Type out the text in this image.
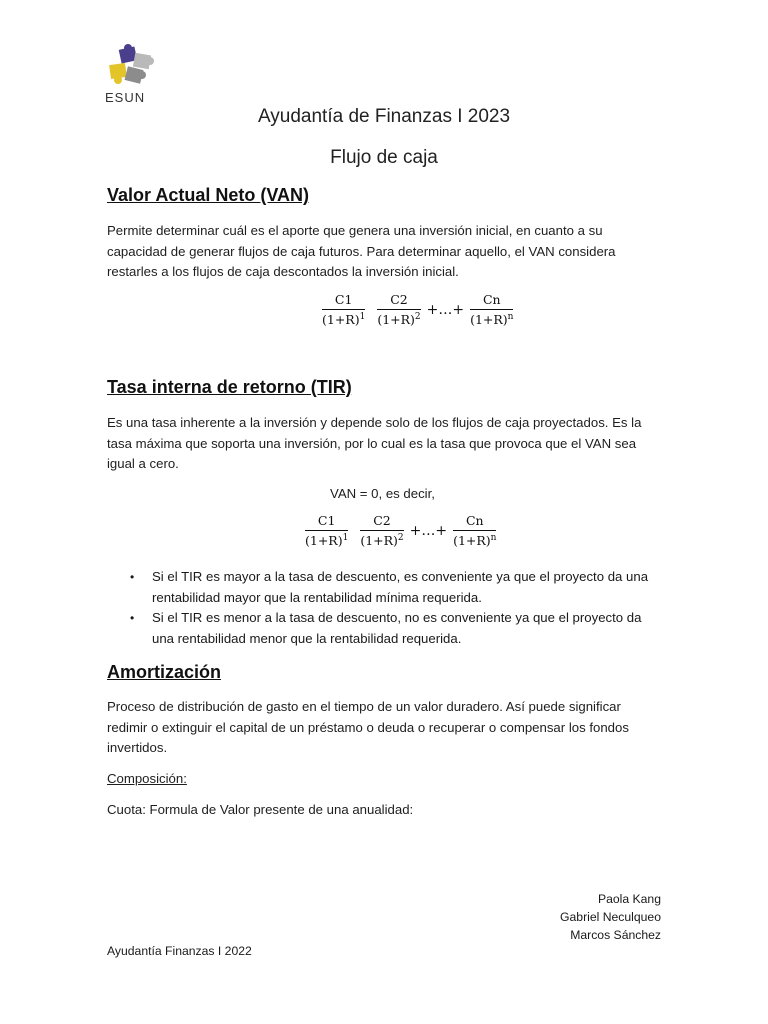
ESUN
Ayudantía de Finanzas I 2023
Flujo de caja
Valor Actual Neto (VAN)
Permite determinar cuál es el aporte que genera una inversión inicial, en cuanto a su
capacidad de generar flujos de caja futuros. Para determinar aquello, el VAN considera
restarles a los flujos de caja descontados la inversión inicial.
$\frac{C1}{(1+R)^1}$
$\frac{C2}{(1+R)^2}$ +…+ $\frac{Cn}{(1+R)^n}$
Tasa interna de retorno (TIR)
Es una tasa inherente a la inversión y depende solo de los flujos de caja proyectados. Es la
tasa máxima que soporta una inversión, por lo cual es la tasa que provoca que el VAN sea
igual a cero.
VAN = 0, es decir,
$\frac{C1}{(1+R)^1}$
$\frac{C2}{(1+R)^2}$ +…+ $\frac{Cn}{(1+R)^n}$
• Si el TIR es mayor a la tasa de descuento, es conveniente ya que el proyecto da una
rentabilidad mayor que la rentabilidad mínima requerida.
• Si el TIR es menor a la tasa de descuento, no es conveniente ya que el proyecto da
una rentabilidad menor que la rentabilidad requerida.
Amortización
Proceso de distribución de gasto en el tiempo de un valor duradero. Así puede significar
redimir o extinguir el capital de un préstamo o deuda o recuperar o compensar los fondos
invertidos.
Composición:
Cuota: Formula de Valor presente de una anualidad:
Paola Kang
Gabriel Neculqueo
Marcos Sánchez
Ayudantía Finanzas I 2022
